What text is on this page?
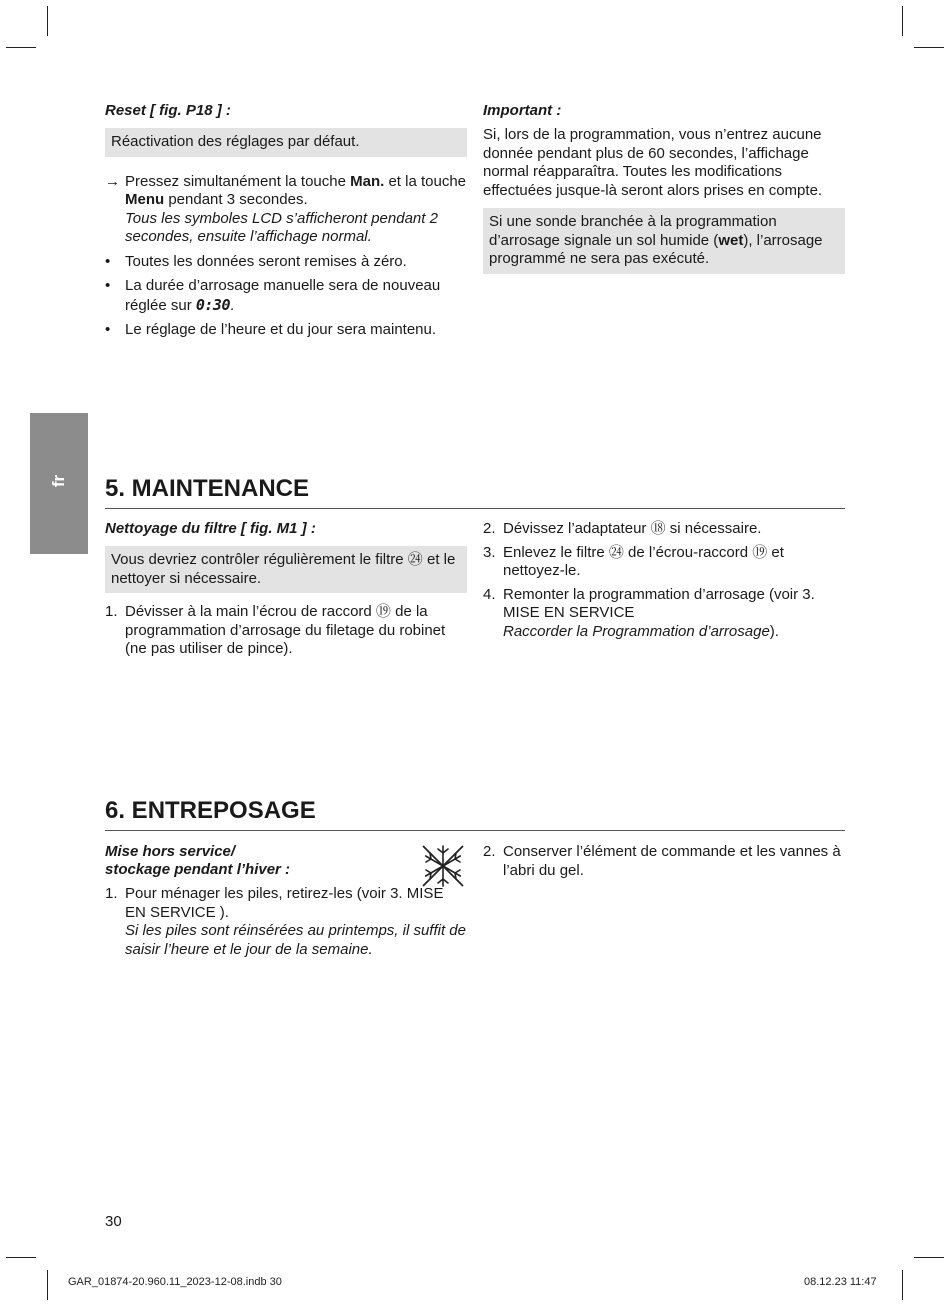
Reset [ fig. P18 ] :
Réactivation des réglages par défaut.
→ Pressez simultanément la touche Man. et la touche Menu pendant 3 secondes.
Tous les symboles LCD s’afficheront pendant 2 secondes, ensuite l’affichage normal.
• Toutes les données seront remises à zéro.
• La durée d’arrosage manuelle sera de nouveau réglée sur 0:30.
• Le réglage de l’heure et du jour sera maintenu.
Important :
Si, lors de la programmation, vous n’entrez aucune donnée pendant plus de 60 secondes, l’affichage normal réapparaîtra. Toutes les modifications effectuées jusque-là seront alors prises en compte.
Si une sonde branchée à la programmation d’arrosage signale un sol humide (wet), l’arrosage programmé ne sera pas exécuté.
fr 5. MAINTENANCE
Nettoyage du filtre [ fig. M1 ] :
Vous devriez contrôler régulièrement le filtre ㉔ et le nettoyer si nécessaire.
1. Dévisser à la main l’écrou de raccord ⑲ de la programmation d’arrosage du filetage du robinet (ne pas utiliser de pince).
2. Dévissez l’adaptateur ⑱ si nécessaire.
3. Enlevez le filtre ㉔ de l’écrou-raccord ⑲ et nettoyez-le.
4. Remonter la programmation d’arrosage (voir 3. MISE EN SERVICE
Raccorder la Programmation d’arrosage).
6. ENTREPOSAGE
Mise hors service/
stockage pendant l’hiver :
1. Pour ménager les piles, retirez-les (voir 3. MISE EN SERVICE ).
Si les piles sont réinsérées au printemps, il suffit de saisir l’heure et le jour de la semaine.
2. Conserver l’élément de commande et les vannes à l’abri du gel.
30
GAR_01874-20.960.11_2023-12-08.indb 30	08.12.23 11:47
